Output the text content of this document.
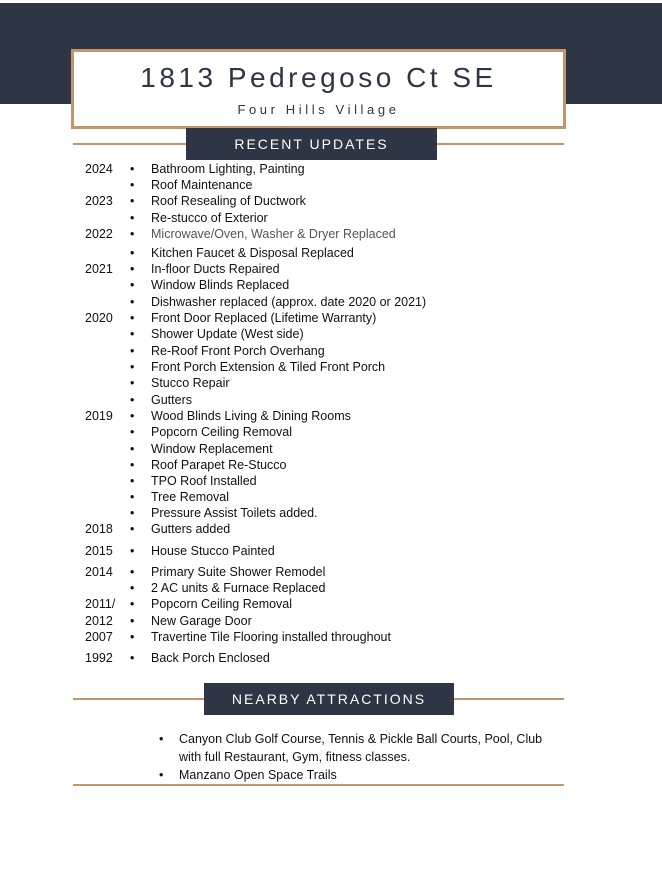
1813 Pedregoso Ct SE
Four Hills Village
RECENT UPDATES
2024 • Bathroom Lighting, Painting
• Roof Maintenance
2023 • Roof Resealing of Ductwork
• Re-stucco of Exterior
2022 • Microwave/Oven, Washer & Dryer Replaced
• Kitchen Faucet & Disposal Replaced
2021 • In-floor Ducts Repaired
• Window Blinds Replaced
• Dishwasher replaced (approx. date 2020 or 2021)
2020 • Front Door Replaced (Lifetime Warranty)
• Shower Update (West side)
• Re-Roof Front Porch Overhang
• Front Porch Extension & Tiled Front Porch
• Stucco Repair
• Gutters
2019 • Wood Blinds Living & Dining Rooms
• Popcorn Ceiling Removal
• Window Replacement
• Roof Parapet Re-Stucco
• TPO Roof Installed
• Tree Removal
• Pressure Assist Toilets added.
2018 • Gutters added
2015 • House Stucco Painted
2014 • Primary Suite Shower Remodel
• 2 AC units & Furnace Replaced
2011/ • Popcorn Ceiling Removal
2012 • New Garage Door
2007 • Travertine Tile Flooring installed throughout
1992 • Back Porch Enclosed
NEARBY ATTRACTIONS
• Canyon Club Golf Course, Tennis & Pickle Ball Courts, Pool, Club with full Restaurant, Gym, fitness classes.
• Manzano Open Space Trails
